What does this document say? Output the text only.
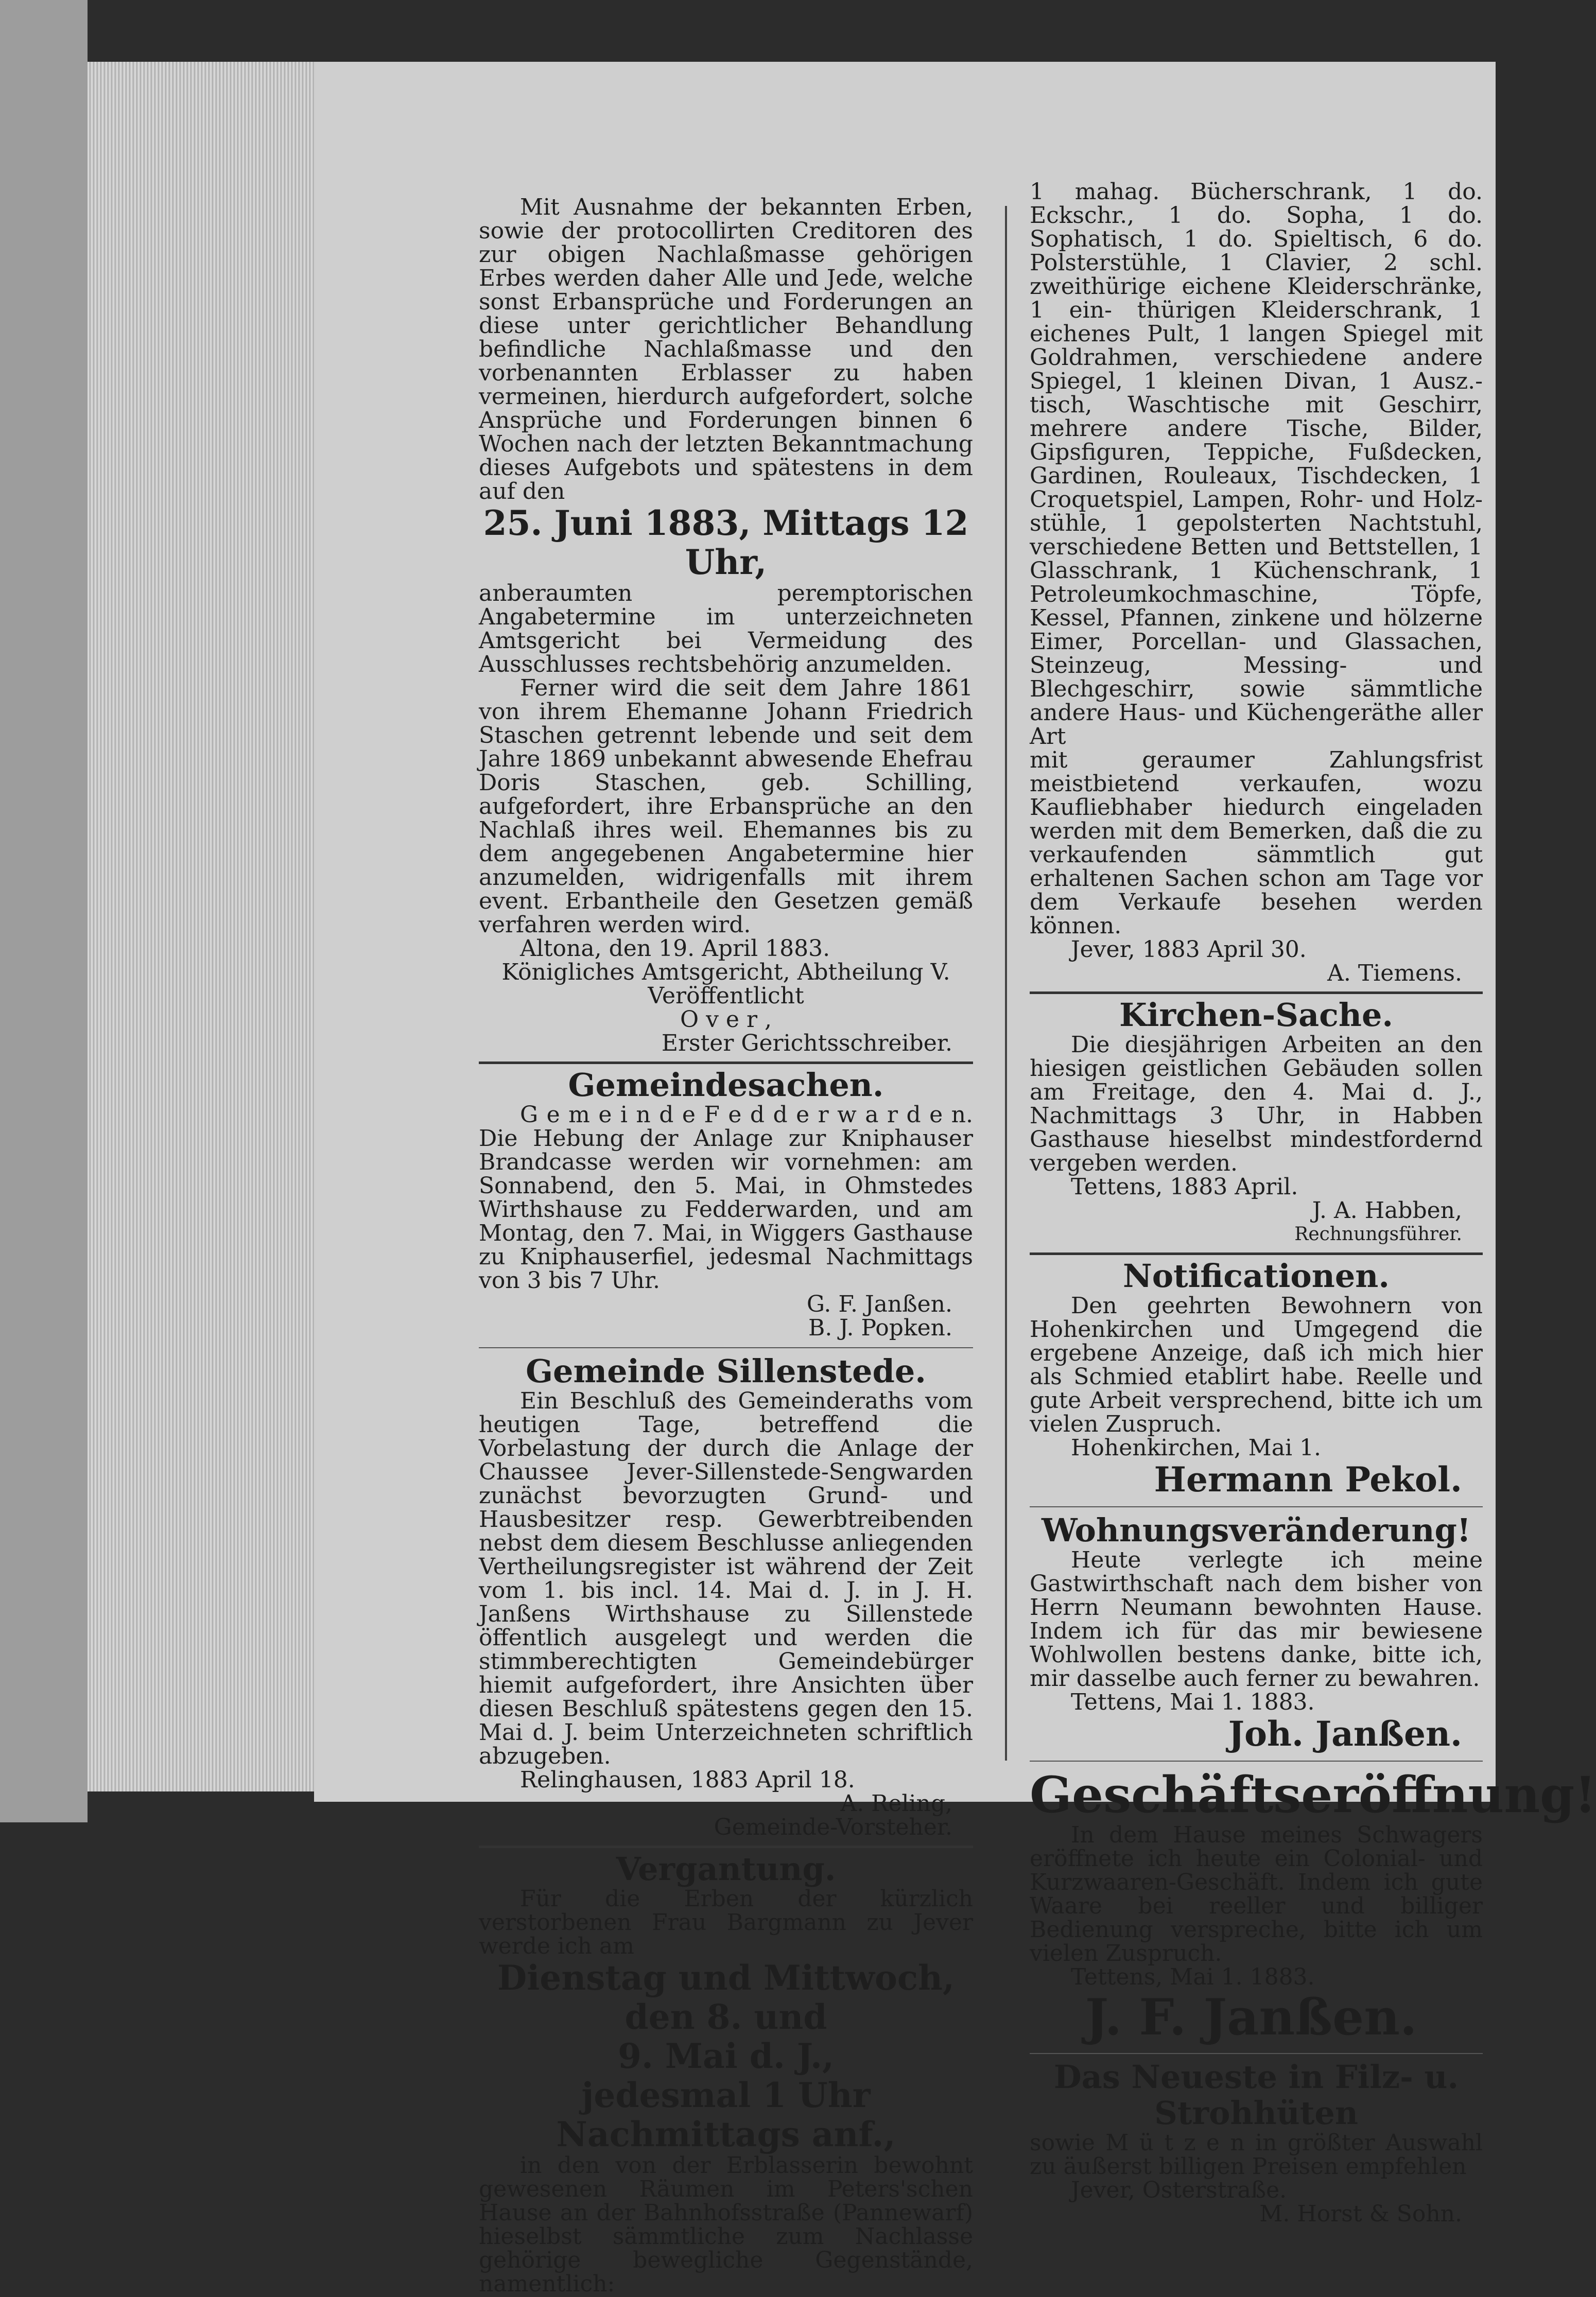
Mit Ausnahme der bekannten Erben, sowie der protocollirten Creditoren des zur obigen Nachlaßmasse gehörigen Erbes werden daher Alle und Jede, welche sonst Erbansprüche und Forderungen an diese unter gerichtlicher Behandlung befindliche Nachlaßmasse und den vorbenannten Erblasser zu haben vermeinen, hierdurch aufgefordert, solche Ansprüche und Forderungen binnen 6 Wochen nach der letzten Bekanntmachung dieses Aufgebots und spätestens in dem auf den

25. Juni 1883, Mittags 12 Uhr,

anberaumten peremptorischen Angabetermine im unterzeichneten Amtsgericht bei Vermeidung des Ausschlusses rechtsbehörig anzumelden.

Ferner wird die seit dem Jahre 1861 von ihrem Ehemanne Johann Friedrich Staschen getrennt lebende und seit dem Jahre 1869 unbekannt abwesende Ehefrau Doris Staschen, geb. Schilling, aufgefordert, ihre Erbansprüche an den Nachlaß ihres weil. Ehemannes bis zu dem angegebenen Angabetermine hier anzumelden, widrigenfalls mit ihrem event. Erbantheile den Gesetzen gemäß verfahren werden wird.

Altona, den 19. April 1883.

Königliches Amtsgericht, Abtheilung V.

Veröffentlicht

O v e r ,

Erster Gerichtsschreiber.

Gemeindesachen.

G e m e i n d e F e d d e r w a r d e n. Die Hebung der Anlage zur Kniphauser Brandcasse werden wir vornehmen: am Sonnabend, den 5. Mai, in Ohmstedes Wirthshause zu Fedderwarden, und am Montag, den 7. Mai, in Wiggers Gasthause zu Kniphauserfiel, jedesmal Nachmittags von 3 bis 7 Uhr.

G. F. Janßen.

B. J. Popken.

Gemeinde Sillenstede.

Ein Beschluß des Gemeinderaths vom heutigen Tage, betreffend die Vorbelastung der durch die Anlage der Chaussee Jever-Sillenstede-Sengwarden zunächst bevorzugten Grund- und Hausbesitzer resp. Gewerbtreibenden nebst dem diesem Beschlusse anliegenden Vertheilungsregister ist während der Zeit vom 1. bis incl. 14. Mai d. J. in J. H. Janßens Wirthshause zu Sillenstede öffentlich ausgelegt und werden die stimmberechtigten Gemeindebürger hiemit aufgefordert, ihre Ansichten über diesen Beschluß spätestens gegen den 15. Mai d. J. beim Unterzeichneten schriftlich abzugeben.

Relinghausen, 1883 April 18.

A. Reling,

Gemeinde-Vorsteher.

Vergantung.

Für die Erben der kürzlich verstorbenen Frau Bargmann zu Jever werde ich am

Dienstag und Mittwoch, den 8. und

9. Mai d. J.,

jedesmal 1 Uhr Nachmittags anf.,

in den von der Erblasserin bewohnt gewesenen Räumen im Peters'schen Hause an der Bahnhofsstraße (Pannewarf) hieselbst sämmtliche zum Nachlasse gehörige bewegliche Gegenstände, namentlich:

1 mahag. Bücherschrank, 1 do. Eckschr., 1 do. Sopha, 1 do. Sophatisch, 1 do. Spieltisch, 6 do. Polsterstühle, 1 Clavier, 2 schl. zweithürige eichene Kleiderschränke, 1 ein- thürigen Kleiderschrank, 1 eichenes Pult, 1 langen Spiegel mit Goldrahmen, verschiedene andere Spiegel, 1 kleinen Divan, 1 Ausz.- tisch, Waschtische mit Geschirr, mehrere andere Tische, Bilder, Gipsfiguren, Teppiche, Fußdecken, Gardinen, Rouleaux, Tischdecken, 1 Croquetspiel, Lampen, Rohr- und Holz- stühle, 1 gepolsterten Nachtstuhl, verschiedene Betten und Bettstellen, 1 Glasschrank, 1 Küchenschrank, 1 Petroleumkochmaschine, Töpfe, Kessel, Pfannen, zinkene und hölzerne Eimer, Porcellan- und Glassachen, Steinzeug, Messing- und Blechgeschirr, sowie sämmtliche andere Haus- und Küchengeräthe aller Art

mit geraumer Zahlungsfrist meistbietend verkaufen, wozu Kaufliebhaber hiedurch eingeladen werden mit dem Bemerken, daß die zu verkaufenden sämmtlich gut erhaltenen Sachen schon am Tage vor dem Verkaufe besehen werden können.

Jever, 1883 April 30.

A. Tiemens.

Kirchen-Sache.

Die diesjährigen Arbeiten an den hiesigen geistlichen Gebäuden sollen am Freitage, den 4. Mai d. J., Nachmittags 3 Uhr, in Habben Gasthause hieselbst mindestfordernd vergeben werden.

Tettens, 1883 April.

J. A. Habben,

Rechnungsführer.

Notificationen.

Den geehrten Bewohnern von Hohenkirchen und Umgegend die ergebene Anzeige, daß ich mich hier als Schmied etablirt habe. Reelle und gute Arbeit versprechend, bitte ich um vielen Zuspruch.

Hohenkirchen, Mai 1.

Hermann Pekol.

Wohnungsveränderung!

Heute verlegte ich meine Gastwirthschaft nach dem bisher von Herrn Neumann bewohnten Hause. Indem ich für das mir bewiesene Wohlwollen bestens danke, bitte ich, mir dasselbe auch ferner zu bewahren.

Tettens, Mai 1. 1883.

Joh. Janßen.

Geschäftseröffnung!

In dem Hause meines Schwagers eröffnete ich heute ein Colonial- und Kurzwaaren-Geschäft. Indem ich gute Waare bei reeller und billiger Bedienung verspreche, bitte ich um vielen Zuspruch.

Tettens, Mai 1. 1883.

J. F. Janßen.

Das Neueste in Filz- u. Strohhüten

sowie M ü t z e n in größter Auswahl zu äußerst billigen Preisen empfehlen

Jever, Osterstraße.

M. Horst & Sohn.
